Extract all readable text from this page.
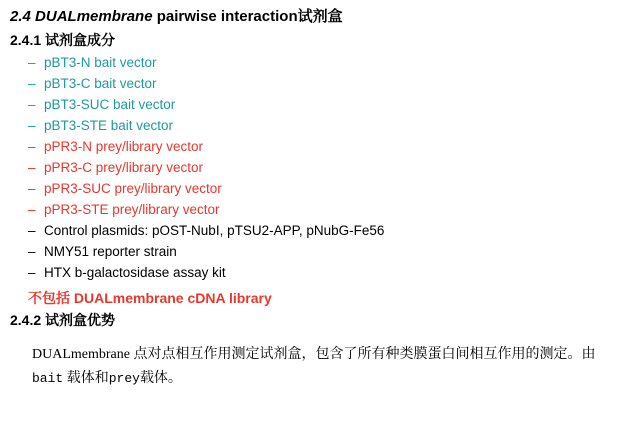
2.4 DUALmembrane pairwise interaction试剂盒
2.4.1 试剂盒成分
– pBT3-N bait vector
– pBT3-C bait vector
– pBT3-SUC bait vector
– pBT3-STE bait vector
– pPR3-N prey/library vector
– pPR3-C prey/library vector
– pPR3-SUC prey/library vector
– pPR3-STE prey/library vector
– Control plasmids: pOST-NubI, pTSU2-APP, pNubG-Fe56
– NMY51 reporter strain
– HTX b-galactosidase assay kit
不包括 DUALmembrane cDNA library
2.4.2 试剂盒优势
DUALmembrane 点对点相互作用测定试剂盒，包含了所有种类膜蛋白间相互作用的测定。由bait 载体和prey载体。
